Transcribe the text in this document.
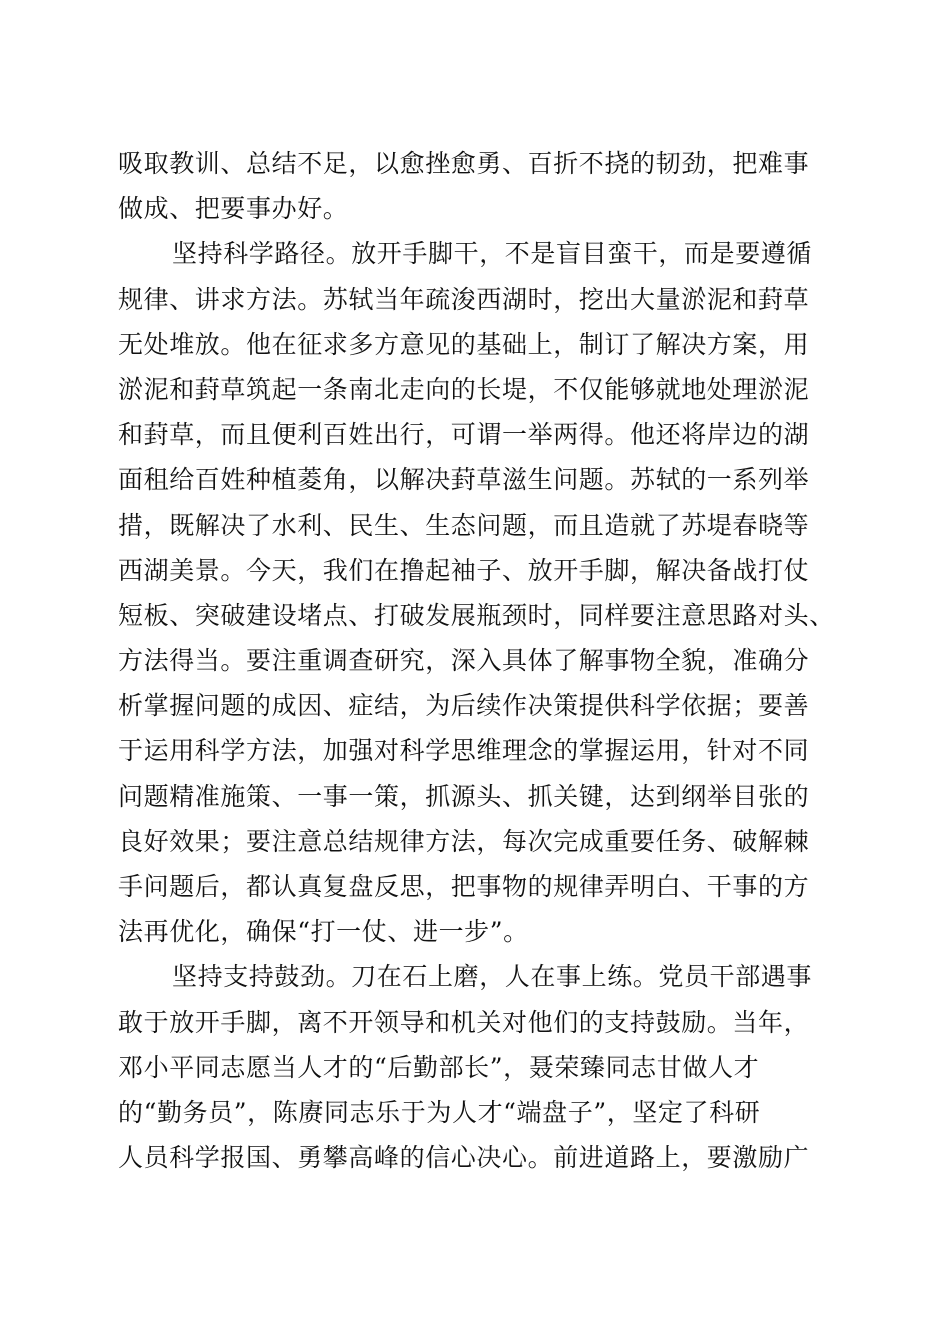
吸取教训、总结不足，以愈挫愈勇、百折不挠的韧劲，把难事
做成、把要事办好。
坚持科学路径。放开手脚干，不是盲目蛮干，而是要遵循
规律、讲求方法。苏轼当年疏浚西湖时，挖出大量淤泥和葑草
无处堆放。他在征求多方意见的基础上，制订了解决方案，用
淤泥和葑草筑起一条南北走向的长堤，不仅能够就地处理淤泥
和葑草，而且便利百姓出行，可谓一举两得。他还将岸边的湖
面租给百姓种植菱角，以解决葑草滋生问题。苏轼的一系列举
措，既解决了水利、民生、生态问题，而且造就了苏堤春晓等
西湖美景。今天，我们在撸起袖子、放开手脚，解决备战打仗
短板、突破建设堵点、打破发展瓶颈时，同样要注意思路对头、
方法得当。要注重调查研究，深入具体了解事物全貌，准确分
析掌握问题的成因、症结，为后续作决策提供科学依据；要善
于运用科学方法，加强对科学思维理念的掌握运用，针对不同
问题精准施策、一事一策，抓源头、抓关键，达到纲举目张的
良好效果；要注意总结规律方法，每次完成重要任务、破解棘
手问题后，都认真复盘反思，把事物的规律弄明白、干事的方
法再优化，确保“打一仗、进一步”。
坚持支持鼓劲。刀在石上磨，人在事上练。党员干部遇事
敢于放开手脚，离不开领导和机关对他们的支持鼓励。当年，
邓小平同志愿当人才的“后勤部长”，聂荣臻同志甘做人才
的“勤务员”，陈赓同志乐于为人才“端盘子”，坚定了科研
人员科学报国、勇攀高峰的信心决心。前进道路上，要激励广
